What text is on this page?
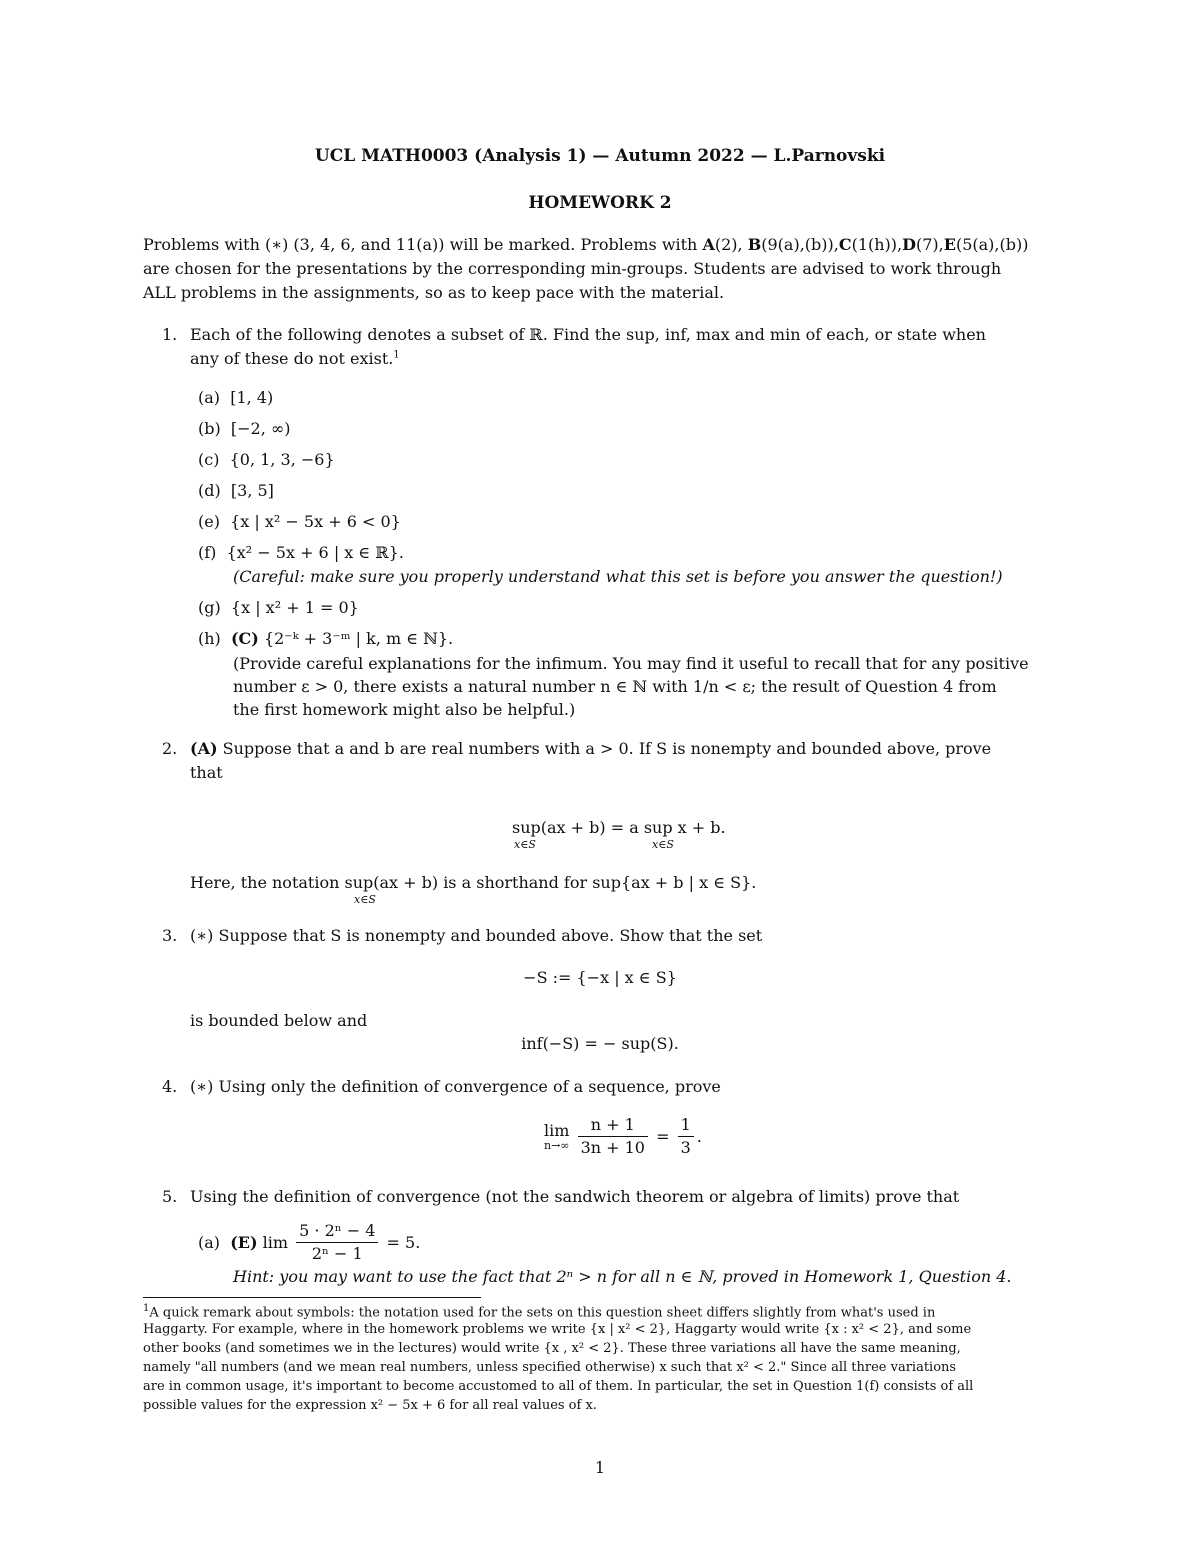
UCL MATH0003 (Analysis 1) — Autumn 2022 — L.Parnovski
HOMEWORK 2
Problems with (∗) (3, 4, 6, and 11(a)) will be marked. Problems with A(2), B(9(a),(b)),C(1(h)),D(7),E(5(a),(b))
are chosen for the presentations by the corresponding min-groups. Students are advised to work through
ALL problems in the assignments, so as to keep pace with the material.
1. Each of the following denotes a subset of ℝ. Find the sup, inf, max and min of each, or state when
any of these do not exist.$^1$
(a) [1, 4)
(b) [−2, ∞)
(c) {0, 1, 3, −6}
(d) [3, 5]
(e) {x | x² − 5x + 6 < 0}
(f) {x² − 5x + 6 | x ∈ ℝ}.
(Careful: make sure you properly understand what this set is before you answer the question!)
(g) {x | x² + 1 = 0}
(h) (C) {2⁻ᵏ + 3⁻ᵐ | k, m ∈ ℕ}.
(Provide careful explanations for the infimum. You may find it useful to recall that for any positive
number ε > 0, there exists a natural number n ∈ ℕ with 1/n < ε; the result of Question 4 from
the first homework might also be helpful.)
2. (A) Suppose that a and b are real numbers with a > 0. If S is nonempty and bounded above, prove
that
sup(ax + b) = a sup x + b.
x∈S	x∈S
Here, the notation sup(ax + b) is a shorthand for sup{ax + b | x ∈ S}.
x∈S
3. (∗) Suppose that S is nonempty and bounded above. Show that the set
−S := {−x | x ∈ S}
is bounded below and
inf(−S) = − sup(S).
4. (∗) Using only the definition of convergence of a sequence, prove
lim
n→∞
$\frac{n + 1}{3n + 10} = \frac{1}{3}$ .
5. Using the definition of convergence (not the sandwich theorem or algebra of limits) prove that
(a) (E) $\lim \frac{\text{5 · 2ⁿ − 4}}{\text{2ⁿ − 1}} = 5$.
Hint: you may want to use the fact that 2ⁿ > n for all n ∈ ℕ, proved in Homework 1, Question 4.
$^1$A quick remark about symbols: the notation used for the sets on this question sheet differs slightly from what's used in
Haggarty. For example, where in the homework problems we write {x | x² < 2}, Haggarty would write {x : x² < 2}, and some
other books (and sometimes we in the lectures) would write {x , x² < 2}. These three variations all have the same meaning,
namely "all numbers (and we mean real numbers, unless specified otherwise) x such that x² < 2." Since all three variations
are in common usage, it's important to become accustomed to all of them. In particular, the set in Question 1(f) consists of all
possible values for the expression x² − 5x + 6 for all real values of x.
1
